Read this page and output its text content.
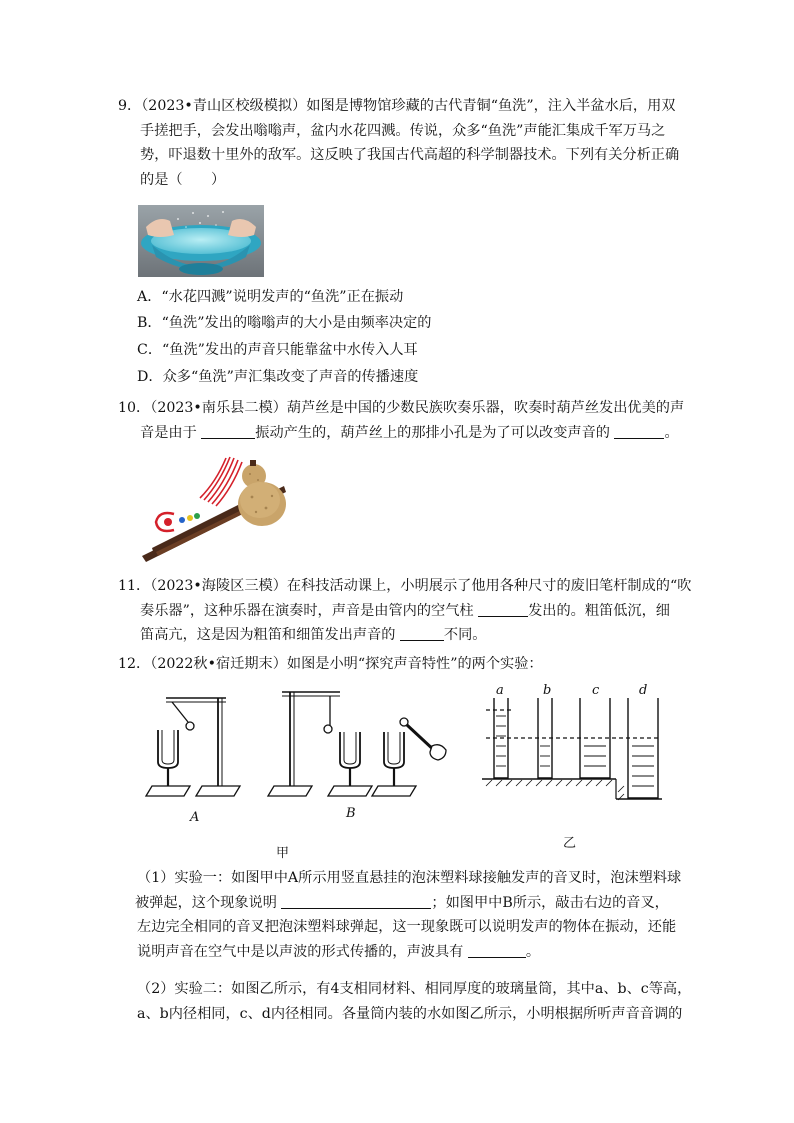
9．（2023•青山区校级模拟）如图是博物馆珍藏的古代青铜“鱼洗”，注入半盆水后，用双
手搓把手，会发出嗡嗡声，盆内水花四溅。传说，众多“鱼洗”声能汇集成千军万马之
势，吓退数十里外的敌军。这反映了我国古代高超的科学制器技术。下列有关分析正确
的是（　　）
A．“水花四溅”说明发声的“鱼洗”正在振动
B．“鱼洗”发出的嗡嗡声的大小是由频率决定的
C．“鱼洗”发出的声音只能靠盆中水传入人耳
D．众多“鱼洗”声汇集改变了声音的传播速度
10．（2023•南乐县二模）葫芦丝是中国的少数民族吹奏乐器，吹奏时葫芦丝发出优美的声
音是由于	振动产生的，葫芦丝上的那排小孔是为了可以改变声音的	。
11．（2023•海陵区三模）在科技活动课上，小明展示了他用各种尺寸的废旧笔杆制成的“吹
奏乐器”，这种乐器在演奏时，声音是由管内的空气柱	发出的。粗笛低沉，细
笛高亢，这是因为粗笛和细笛发出声音的	不同。
12．（2022秋•宿迁期末）如图是小明“探究声音特性”的两个实验：
A	B
甲
a	b	c	d
乙
（1）实验一：如图甲中A所示用竖直悬挂的泡沫塑料球接触发声的音叉时，泡沫塑料球
被弹起，这个现象说明	；如图甲中B所示，敲击右边的音叉，
左边完全相同的音叉把泡沫塑料球弹起，这一现象既可以说明发声的物体在振动，还能
说明声音在空气中是以声波的形式传播的，声波具有	。
（2）实验二：如图乙所示，有4支相同材料、相同厚度的玻璃量筒，其中a、b、c等高，
a、b内径相同，c、d内径相同。各量筒内装的水如图乙所示，小明根据所听声音音调的
